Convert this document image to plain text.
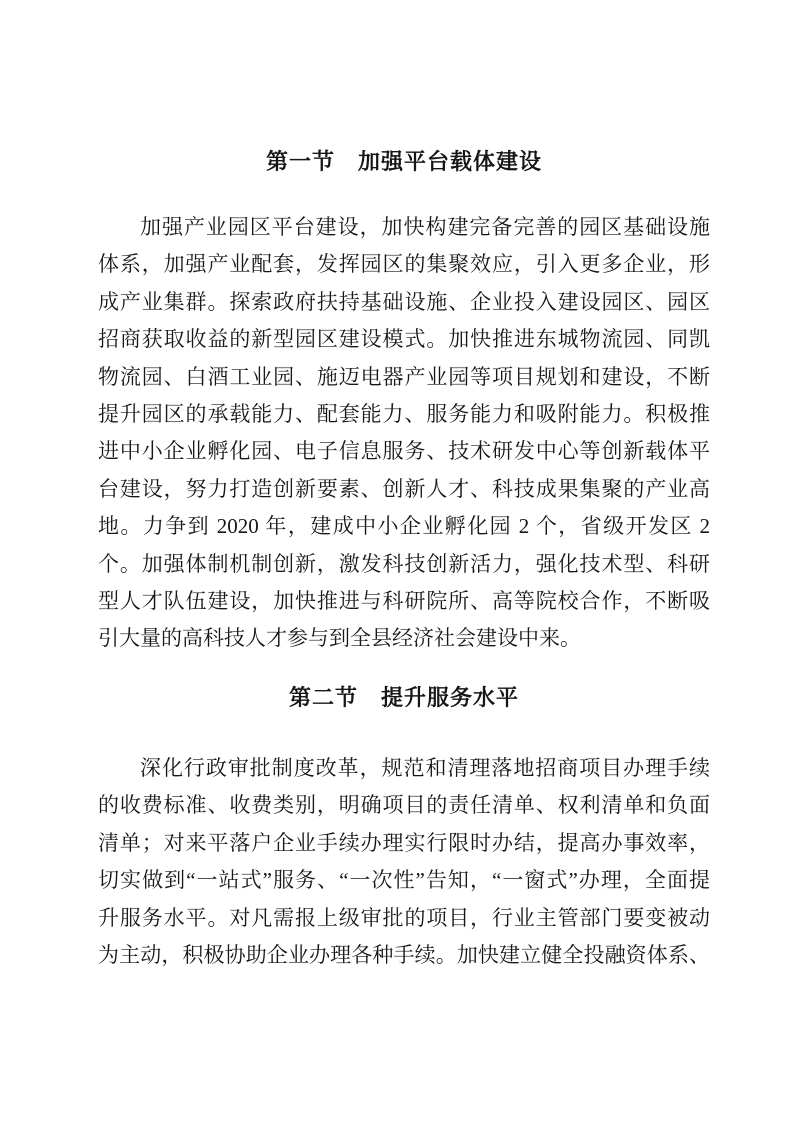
第一节　加强平台载体建设
加强产业园区平台建设，加快构建完备完善的园区基础设施
体系，加强产业配套，发挥园区的集聚效应，引入更多企业，形
成产业集群。探索政府扶持基础设施、企业投入建设园区、园区
招商获取收益的新型园区建设模式。加快推进东城物流园、同凯
物流园、白酒工业园、施迈电器产业园等项目规划和建设，不断
提升园区的承载能力、配套能力、服务能力和吸附能力。积极推
进中小企业孵化园、电子信息服务、技术研发中心等创新载体平
台建设，努力打造创新要素、创新人才、科技成果集聚的产业高
地。力争到 2020 年，建成中小企业孵化园 2 个，省级开发区 2
个。加强体制机制创新，激发科技创新活力，强化技术型、科研
型人才队伍建设，加快推进与科研院所、高等院校合作，不断吸
引大量的高科技人才参与到全县经济社会建设中来。
第二节　提升服务水平
深化行政审批制度改革，规范和清理落地招商项目办理手续
的收费标准、收费类别，明确项目的责任清单、权利清单和负面
清单；对来平落户企业手续办理实行限时办结，提高办事效率，
切实做到“一站式”服务、“一次性”告知，“一窗式”办理，全面提
升服务水平。对凡需报上级审批的项目，行业主管部门要变被动
为主动，积极协助企业办理各种手续。加快建立健全投融资体系、
